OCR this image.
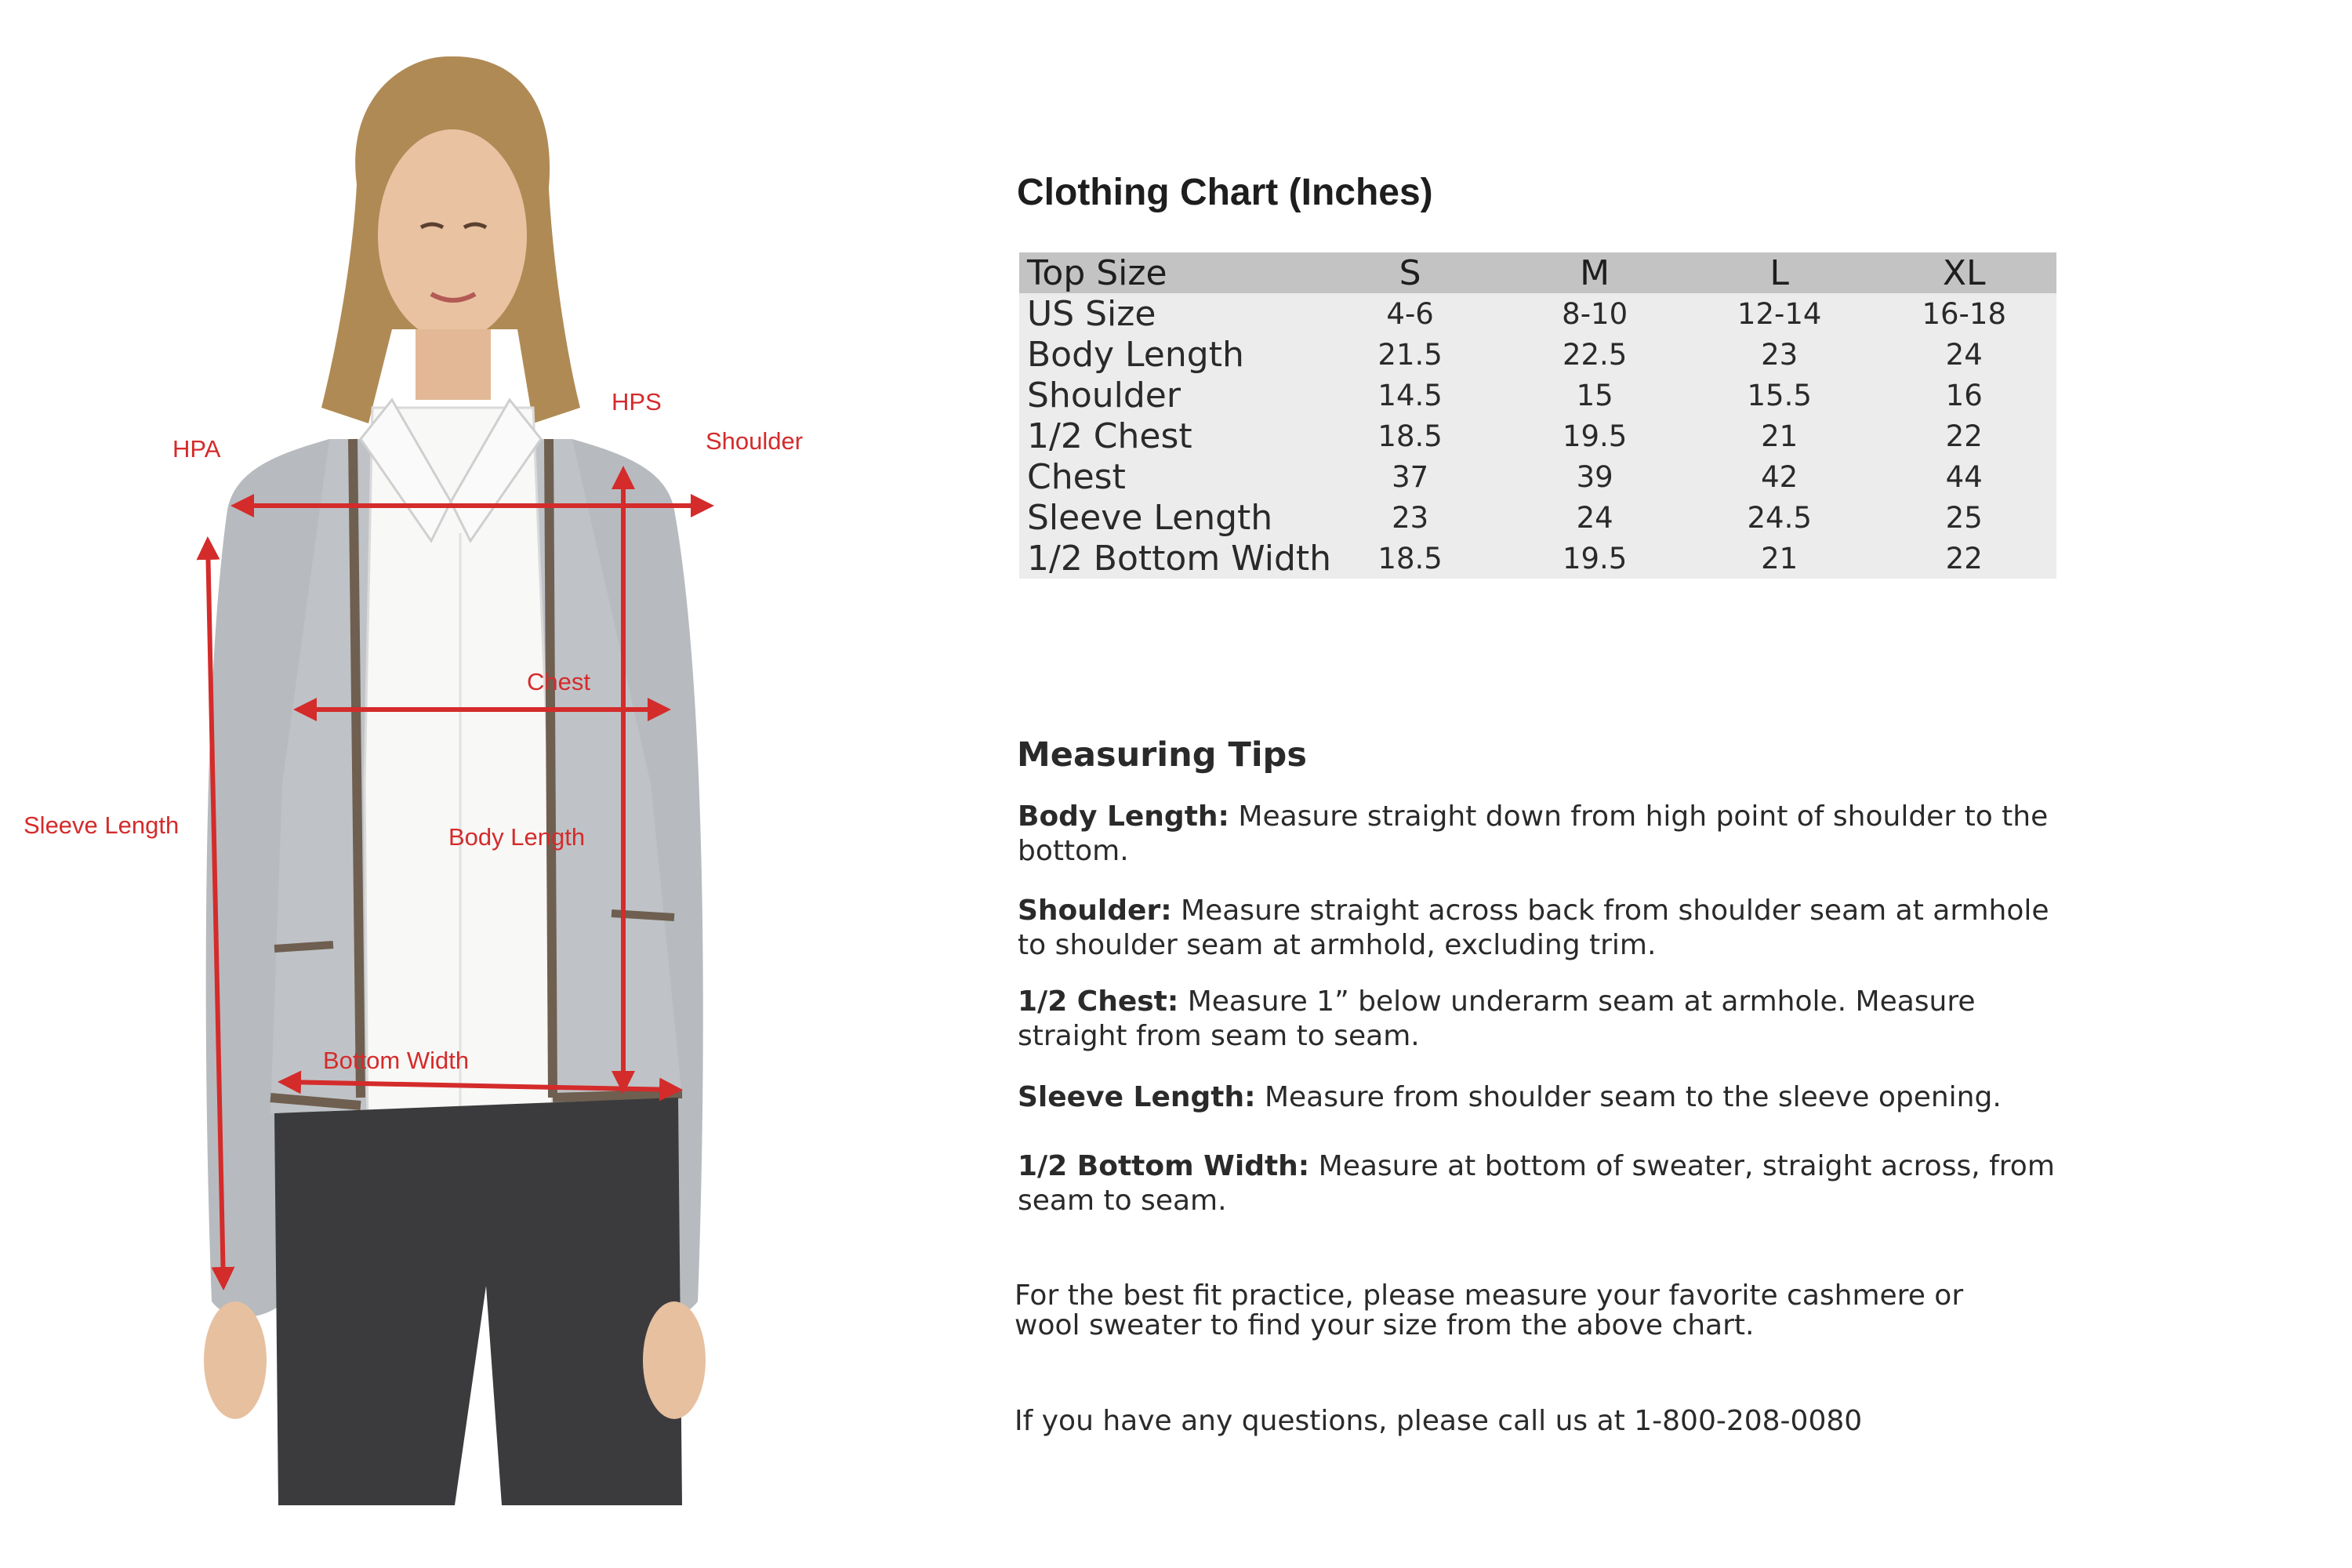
HPA
HPS
Shoulder
Chest
Sleeve Length	Body Length
Bottom Width
Clothing Chart (Inches)
Top Size	S	M	L	XL
US Size	4-6	8-10	12-14	16-18
Body Length	21.5	22.5	23	24
Shoulder	14.5	15	15.5	16
1/2 Chest	18.5	19.5	21	22
Chest	37	39	42	44
Sleeve Length	23	24	24.5	25
1/2 Bottom Width	18.5	19.5	21	22
Measuring Tips

Body Length: Measure straight down from high point of shoulder to the bottom.

Shoulder: Measure straight across back from shoulder seam at armhole to shoulder seam at armhold, excluding trim.

1/2 Chest: Measure 1” below underarm seam at armhole. Measure straight from seam to seam.

Sleeve Length: Measure from shoulder seam to the sleeve opening.

1/2 Bottom Width: Measure at bottom of sweater, straight across, from seam to seam.

For the best fit practice, please measure your favorite cashmere or wool sweater to find your size from the above chart.

If you have any questions, please call us at 1-800-208-0080
